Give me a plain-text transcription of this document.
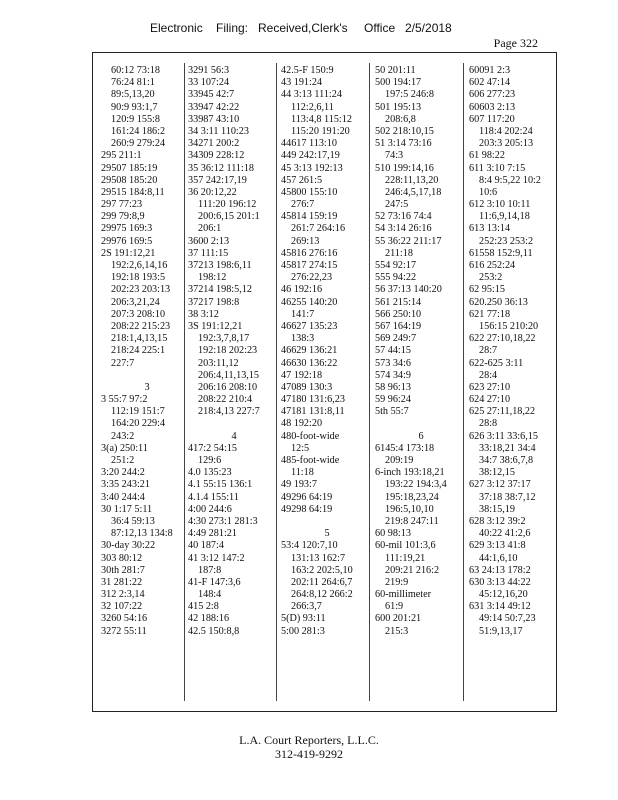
Electronic Filing: Received,Clerk's Office 2/5/2018
Page 322
60:12 73:18
76:24 81:1
89:5,13,20
90:9 93:1,7
120:9 155:8
161:24 186:2
260:9 279:24
295 211:1
29507 185:19
29508 185:20
29515 184:8,11
297 77:23
299 79:8,9
29975 169:3
29976 169:5
2S 191:12,21
192:2,6,14,16
192:18 193:5
202:23 203:13
206:3,21,24
207:3 208:10
208:22 215:23
218:1,4,13,15
218:24 225:1
227:7
3
3 55:7 97:2
112:19 151:7
164:20 229:4
243:2
3(a) 250:11
251:2
3:20 244:2
3:35 243:21
3:40 244:4
30 1:17 5:11
36:4 59:13
87:12,13 134:8
30-day 30:22
303 80:12
30th 281:7
31 281:22
312 2:3,14
32 107:22
3260 54:16
3272 55:11
3291 56:3
33 107:24
33945 42:7
33947 42:22
33987 43:10
34 3:11 110:23
34271 200:2
34309 228:12
35 36:12 111:18
357 242:17,19
36 20:12,22
111:20 196:12
200:6,15 201:1
206:1
3600 2:13
37 111:15
37213 198:6,11
198:12
37214 198:5,12
37217 198:8
38 3:12
3S 191:12,21
192:3,7,8,17
192:18 202:23
203:11,12
206:4,11,13,15
206:16 208:10
208:22 210:4
218:4,13 227:7
4
417:2 54:15
129:6
4.0 135:23
4.1 55:15 136:1
4.1.4 155:11
4:00 244:6
4:30 273:1 281:3
4:49 281:21
40 187:4
41 3:12 147:2
187:8
41-F 147:3,6
148:4
415 2:8
42 188:16
42.5 150:8,8
42.5-F 150:9
43 191:24
44 3:13 111:24
112:2,6,11
113:4,8 115:12
115:20 191:20
44617 113:10
449 242:17,19
45 3:13 192:13
457 261:5
45800 155:10
276:7
45814 159:19
261:7 264:16
269:13
45816 276:16
45817 274:15
276:22,23
46 192:16
46255 140:20
141:7
46627 135:23
138:3
46629 136:21
46630 136:22
47 192:18
47089 130:3
47180 131:6,23
47181 131:8,11
48 192:20
480-foot-wide
12:5
485-foot-wide
11:18
49 193:7
49296 64:19
49298 64:19
5
53:4 120:7,10
131:13 162:7
163:2 202:5,10
202:11 264:6,7
264:8,12 266:2
266:3,7
5(D) 93:11
5:00 281:3
50 201:11
500 194:17
197:5 246:8
501 195:13
208:6,8
502 218:10,15
51 3:14 73:16
74:3
510 199:14,16
228:11,13,20
246:4,5,17,18
247:5
52 73:16 74:4
54 3:14 26:16
55 36:22 211:17
211:18
554 92:17
555 94:22
56 37:13 140:20
561 215:14
566 250:10
567 164:19
569 249:7
57 44:15
573 34:6
574 34:9
58 96:13
59 96:24
5th 55:7
6
6145:4 173:18
209:19
6-inch 193:18,21
193:22 194:3,4
195:18,23,24
196:5,10,10
219:8 247:11
60 98:13
60-mil 101:3,6
111:19,21
209:21 216:2
219:9
60-millimeter
61:9
600 201:21
215:3
60091 2:3
602 47:14
606 277:23
60603 2:13
607 117:20
118:4 202:24
203:3 205:13
61 98:22
611 3:10 7:15
8:4 9:5,22 10:2
10:6
612 3:10 10:11
11:6,9,14,18
613 13:14
252:23 253:2
61558 152:9,11
616 252:24
253:2
62 95:15
620.250 36:13
621 77:18
156:15 210:20
622 27:10,18,22
28:7
622-625 3:11
28:4
623 27:10
624 27:10
625 27:11,18,22
28:8
626 3:11 33:6,15
33:18,21 34:4
34:7 38:6,7,8
38:12,15
627 3:12 37:17
37:18 38:7,12
38:15,19
628 3:12 39:2
40:22 41:2,6
629 3:13 41:8
44:1,6,10
63 24:13 178:2
630 3:13 44:22
45:12,16,20
631 3:14 49:12
49:14 50:7,23
51:9,13,17
L.A. Court Reporters, L.L.C.
312-419-9292
